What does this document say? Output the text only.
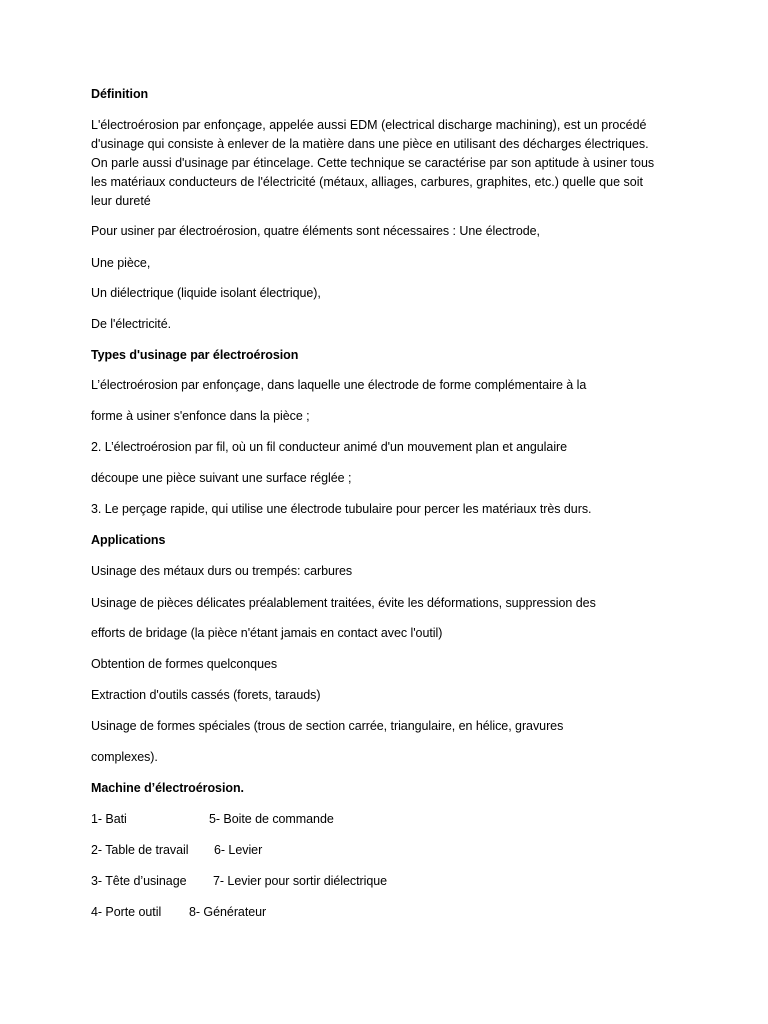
Définition
L'électroérosion par enfonçage, appelée aussi EDM (electrical discharge machining), est un procédé
d'usinage qui consiste à enlever de la matière dans une pièce en utilisant des décharges électriques.
On parle aussi d'usinage par étincelage. Cette technique se caractérise par son aptitude à usiner tous
les matériaux conducteurs de l'électricité (métaux, alliages, carbures, graphites, etc.) quelle que soit
leur dureté
Pour usiner par électroérosion, quatre éléments sont nécessaires : Une électrode,
Une pièce,
Un diélectrique (liquide isolant électrique),
De l'électricité.
Types d'usinage par électroérosion
L’électroérosion par enfonçage, dans laquelle une électrode de forme complémentaire à la
forme à usiner s'enfonce dans la pièce ;
2. L’électroérosion par fil, où un fil conducteur animé d'un mouvement plan et angulaire
découpe une pièce suivant une surface réglée ;
3. Le perçage rapide, qui utilise une électrode tubulaire pour percer les matériaux très durs.
Applications
Usinage des métaux durs ou trempés: carbures
Usinage de pièces délicates préalablement traitées, évite les déformations, suppression des
efforts de bridage (la pièce n'étant jamais en contact avec l'outil)
Obtention de formes quelconques
Extraction d'outils cassés (forets, tarauds)
Usinage de formes spéciales (trous de section carrée, triangulaire, en hélice, gravures
complexes).
Machine d’électroérosion.
1- Bati	5- Boite de commande
2- Table de travail 6- Levier
3- Tête d’usinage 7- Levier pour sortir diélectrique
4- Porte outil 8- Générateur
